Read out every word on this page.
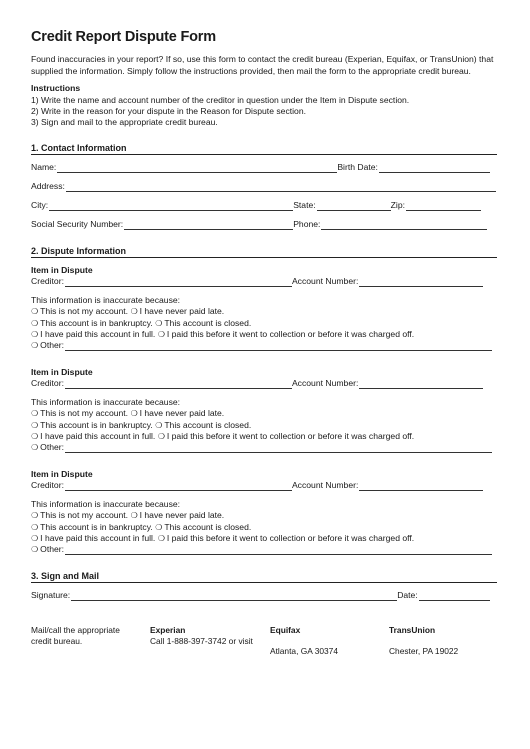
Credit Report Dispute Form
Found inaccuracies in your report? If so, use this form to contact the credit bureau (Experian, Equifax, or TransUnion) that
supplied the information. Simply follow the instructions provided, then mail the form to the appropriate credit bureau.
Instructions
1) Write the name and account number of the creditor in question under the Item in Dispute section.
2) Write in the reason for your dispute in the Reason for Dispute section.
3) Sign and mail to the appropriate credit bureau.
1. Contact Information
Name:	Birth Date:
Address:
City:	State:	Zip:
Social Security Number:	Phone:
2. Dispute Information
Item in Dispute
Creditor:	Account Number:
This information is inaccurate because:
❍ This is not my account. ❍ I have never paid late.
❍ This account is in bankruptcy. ❍ This account is closed.
❍ I have paid this account in full. ❍ I paid this before it went to collection or before it was charged off.
❍ Other:
Item in Dispute
Creditor:	Account Number:
This information is inaccurate because:
❍ This is not my account. ❍ I have never paid late.
❍ This account is in bankruptcy. ❍ This account is closed.
❍ I have paid this account in full. ❍ I paid this before it went to collection or before it was charged off.
❍ Other:
Item in Dispute
Creditor:	Account Number:
This information is inaccurate because:
❍ This is not my account. ❍ I have never paid late.
❍ This account is in bankruptcy. ❍ This account is closed.
❍ I have paid this account in full. ❍ I paid this before it went to collection or before it was charged off.
❍ Other:
3. Sign and Mail
Signature:	Date:
Mail/call the appropriate
credit bureau.
Experian
Call 1-888-397-3742 or visit
Equifax
Atlanta, GA 30374
TransUnion
Chester, PA 19022
